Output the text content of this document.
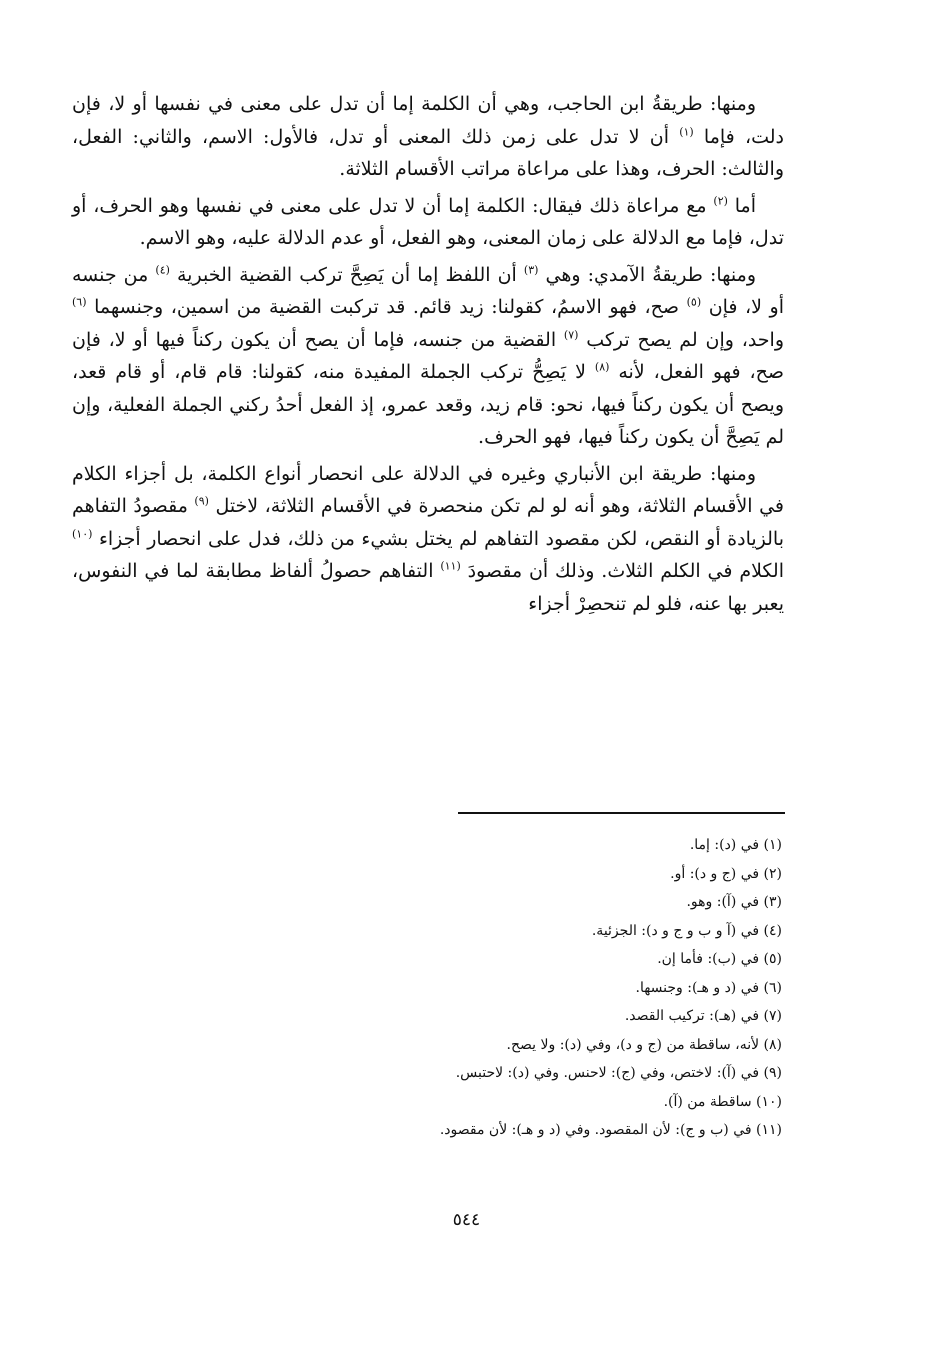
ومنها: طريقةُ ابن الحاجب، وهي أن الكلمة إما أن تدل على معنى في نفسها أو لا، فإن دلت، فإما $^{(١)}$ أن لا تدل على زمن ذلك المعنى أو تدل، فالأول: الاسم، والثاني: الفعل، والثالث: الحرف، وهذا على مراعاة مراتب الأقسام الثلاثة.

أما $^{(٢)}$ مع مراعاة ذلك فيقال: الكلمة إما أن لا تدل على معنى في نفسها وهو الحرف، أو تدل، فإما مع الدلالة على زمان المعنى، وهو الفعل، أو عدم الدلالة عليه، وهو الاسم.

ومنها: طريقةُ الآمدي: وهي $^{(٣)}$ أن اللفظ إما أن يَصِحَّ تركب القضية الخبرية $^{(٤)}$ من جنسه أو لا، فإن $^{(٥)}$ صح، فهو الاسمُ، كقولنا: زيد قائم. قد تركبت القضية من اسمين، وجنسهما $^{(٦)}$ واحد، وإن لم يصح تركب $^{(٧)}$ القضية من جنسه، فإما أن يصح أن يكون ركناً فيها أو لا، فإن صح، فهو الفعل، لأنه $^{(٨)}$ لا يَصِحُّ تركب الجملة المفيدة منه، كقولنا: قام قام، أو قام قعد، ويصح أن يكون ركناً فيها، نحو: قام زيد، وقعد عمرو، إذ الفعل أحدُ ركني الجملة الفعلية، وإن لم يَصِحَّ أن يكون ركناً فيها، فهو الحرف.

ومنها: طريقة ابن الأنباري وغيره في الدلالة على انحصار أنواع الكلمة، بل أجزاء الكلام في الأقسام الثلاثة، وهو أنه لو لم تكن منحصرة في الأقسام الثلاثة، لاختل $^{(٩)}$ مقصودُ التفاهم بالزيادة أو النقص، لكن مقصود التفاهم لم يختل بشيء من ذلك، فدل على انحصار أجزاء $^{(١٠)}$ الكلام في الكلم الثلاث. وذلك أن مقصودَ $^{(١١)}$ التفاهم حصولُ ألفاظ مطابقة لما في النفوس، يعبر بها عنه، فلو لم تنحصِرْ أجزاء

(١) في (د): إما.
(٢) في (ج و د): أو.
(٣) في (آ): وهو.
(٤) في (آ و ب و ج و د): الجزئية.
(٥) في (ب): فأما إن.
(٦) في (د و هـ): وجنسها.
(٧) في (هـ): تركيب القصد.
(٨) لأنه، ساقطة من (ج و د)، وفي (د): ولا يصح.
(٩) في (آ): لاختص، وفي (ج): لاحنس. وفي (د): لاحتبس.
(١٠) ساقطة من (آ).
(١١) في (ب و ج): لأن المقصود. وفي (د و هـ): لأن مقصود.
٥٤٤
